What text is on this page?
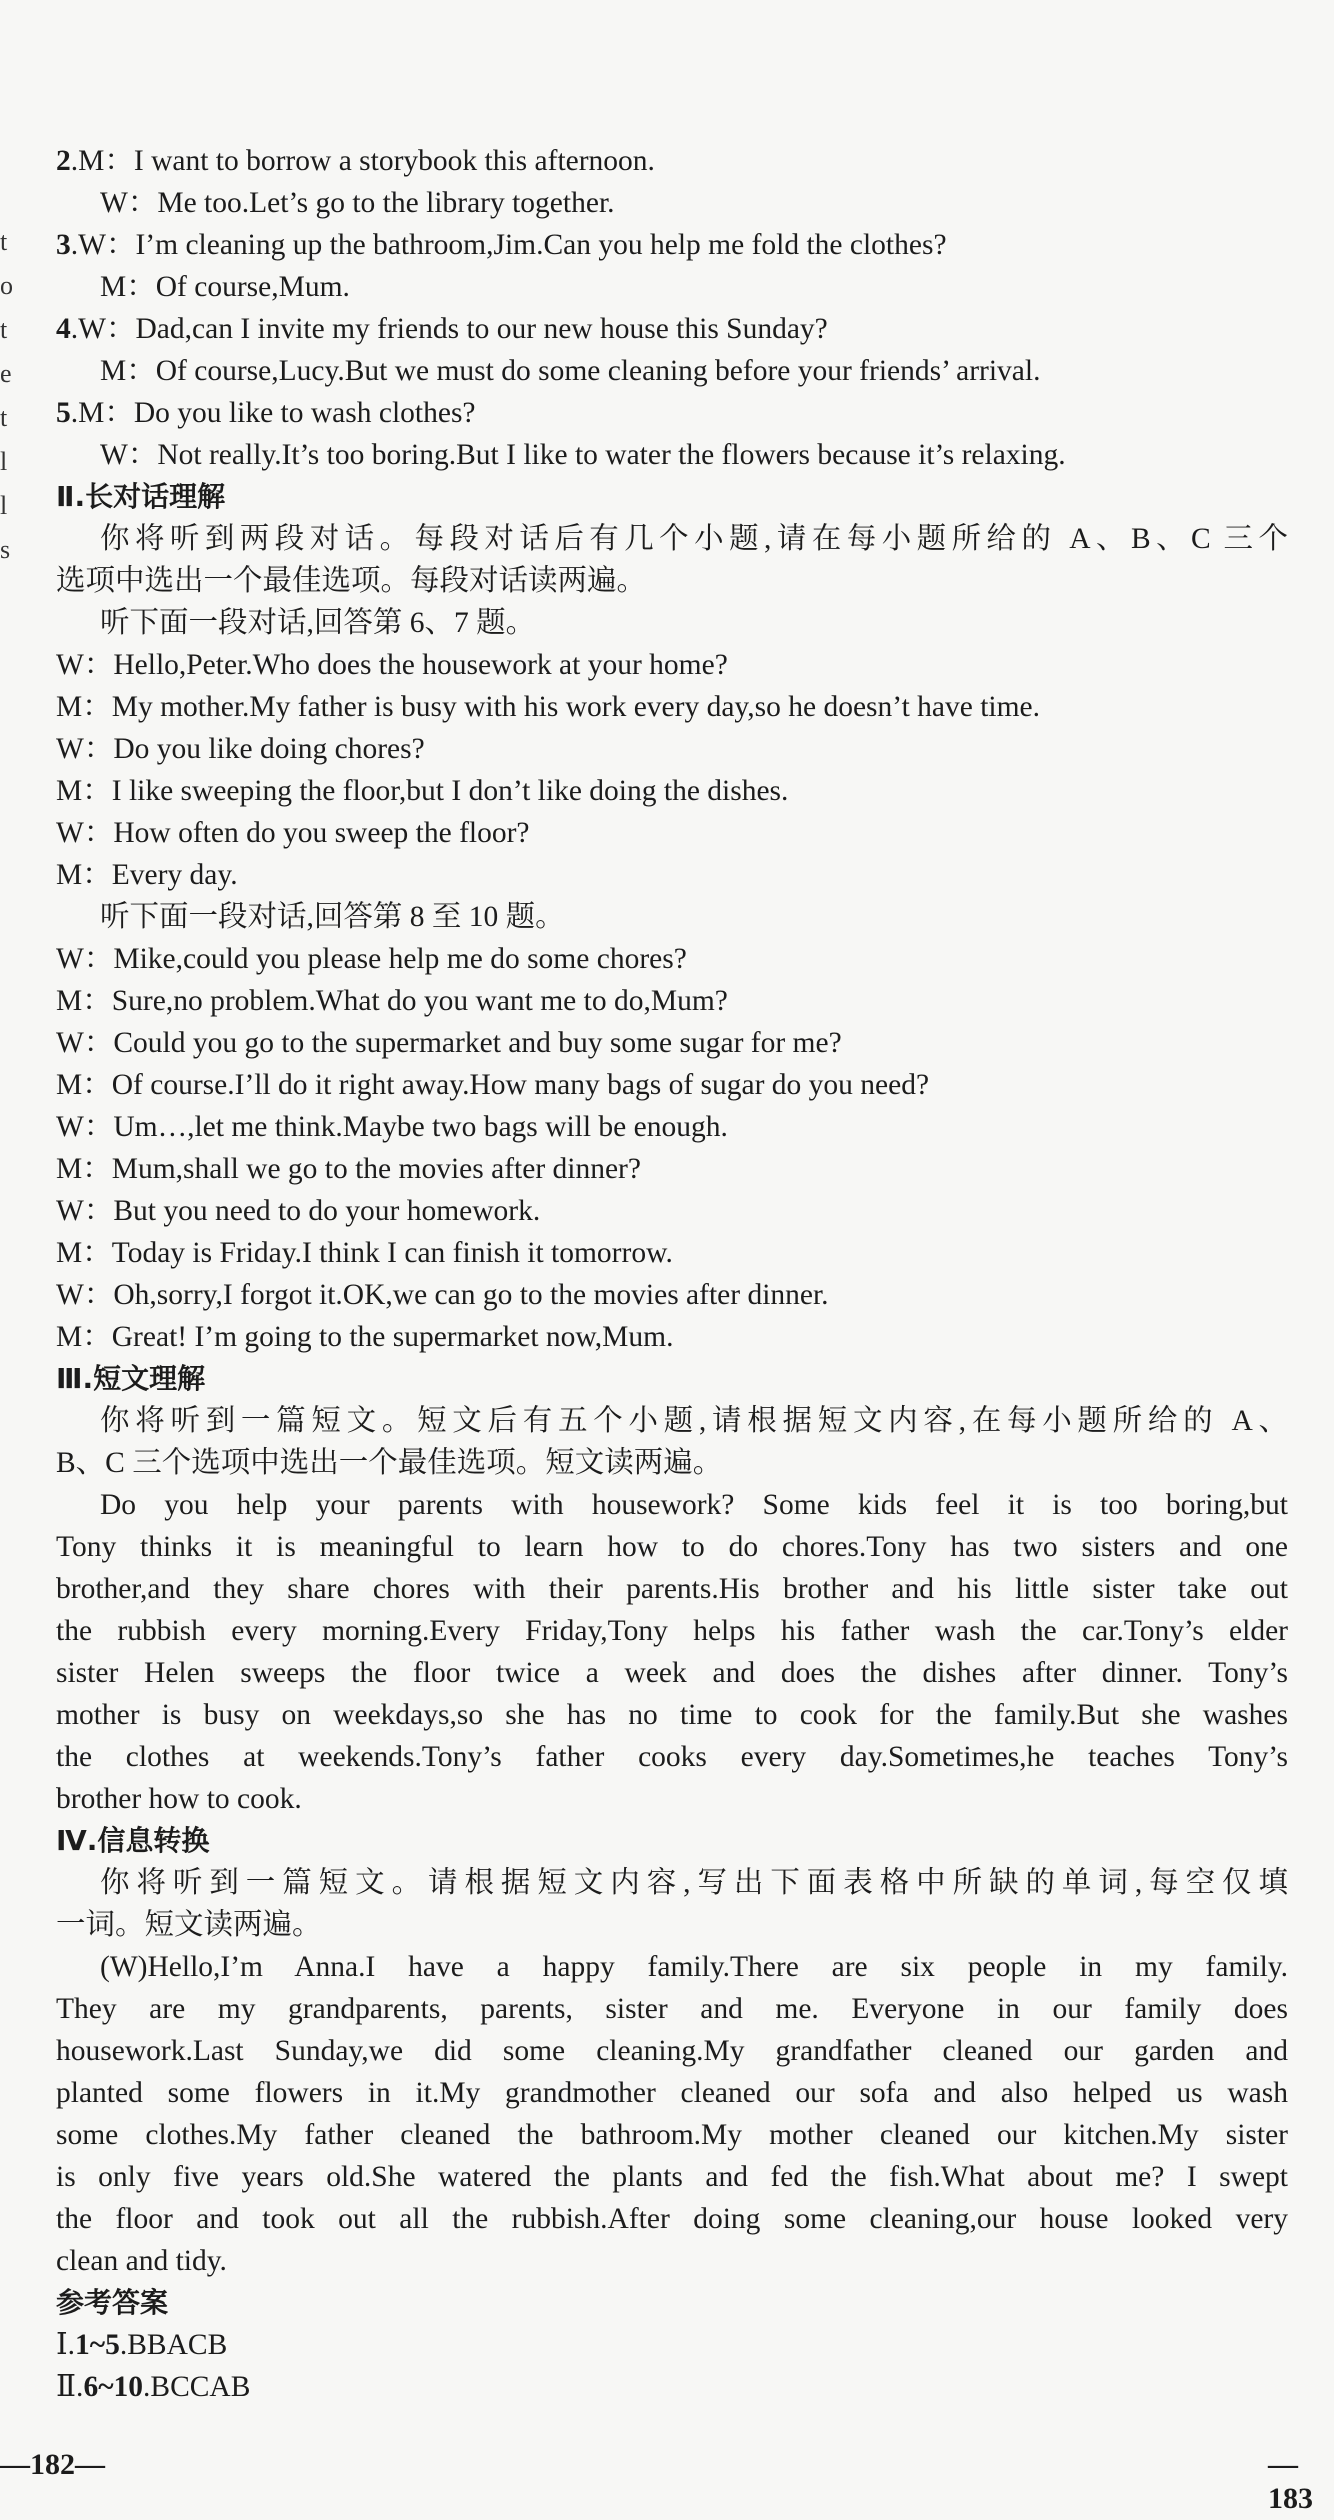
t
o
t
e
t
l
l
s
2.M：I want to borrow a storybook this afternoon.
W：Me too.Let’s go to the library together.
3.W：I’m cleaning up the bathroom,Jim.Can you help me fold the clothes?
M：Of course,Mum.
4.W：Dad,can I invite my friends to our new house this Sunday?
M：Of course,Lucy.But we must do some cleaning before your friends’ arrival.
5.M：Do you like to wash clothes?
W：Not really.It’s too boring.But I like to water the flowers because it’s relaxing.
Ⅱ.长对话理解
你将听到两段对话。每段对话后有几个小题,请在每小题所给的 A、B、C 三个
选项中选出一个最佳选项。每段对话读两遍。
听下面一段对话,回答第 6、7 题。
W：Hello,Peter.Who does the housework at your home?
M：My mother.My father is busy with his work every day,so he doesn’t have time.
W：Do you like doing chores?
M：I like sweeping the floor,but I don’t like doing the dishes.
W：How often do you sweep the floor?
M：Every day.
听下面一段对话,回答第 8 至 10 题。
W：Mike,could you please help me do some chores?
M：Sure,no problem.What do you want me to do,Mum?
W：Could you go to the supermarket and buy some sugar for me?
M：Of course.I’ll do it right away.How many bags of sugar do you need?
W：Um…,let me think.Maybe two bags will be enough.
M：Mum,shall we go to the movies after dinner?
W：But you need to do your homework.
M：Today is Friday.I think I can finish it tomorrow.
W：Oh,sorry,I forgot it.OK,we can go to the movies after dinner.
M：Great! I’m going to the supermarket now,Mum.
Ⅲ.短文理解
你将听到一篇短文。短文后有五个小题,请根据短文内容,在每小题所给的 A、
B、C 三个选项中选出一个最佳选项。短文读两遍。
Do you help your parents with housework? Some kids feel it is too boring,but
Tony thinks it is meaningful to learn how to do chores.Tony has two sisters and one
brother,and they share chores with their parents.His brother and his little sister take out
the rubbish every morning.Every Friday,Tony helps his father wash the car.Tony’s elder
sister Helen sweeps the floor twice a week and does the dishes after dinner. Tony’s
mother is busy on weekdays,so she has no time to cook for the family.But she washes
the clothes at weekends.Tony’s father cooks every day.Sometimes,he teaches Tony’s
brother how to cook.
Ⅳ.信息转换
你将听到一篇短文。请根据短文内容,写出下面表格中所缺的单词,每空仅填
一词。短文读两遍。
(W)Hello,I’m Anna.I have a happy family.There are six people in my family.
They are my grandparents, parents, sister and me. Everyone in our family does
housework.Last Sunday,we did some cleaning.My grandfather cleaned our garden and
planted some flowers in it.My grandmother cleaned our sofa and also helped us wash
some clothes.My father cleaned the bathroom.My mother cleaned our kitchen.My sister
is only five years old.She watered the plants and fed the fish.What about me? I swept
the floor and took out all the rubbish.After doing some cleaning,our house looked very
clean and tidy.
参考答案
Ⅰ.1~5.BBACB
Ⅱ.6~10.BCCAB
—182—	—183
